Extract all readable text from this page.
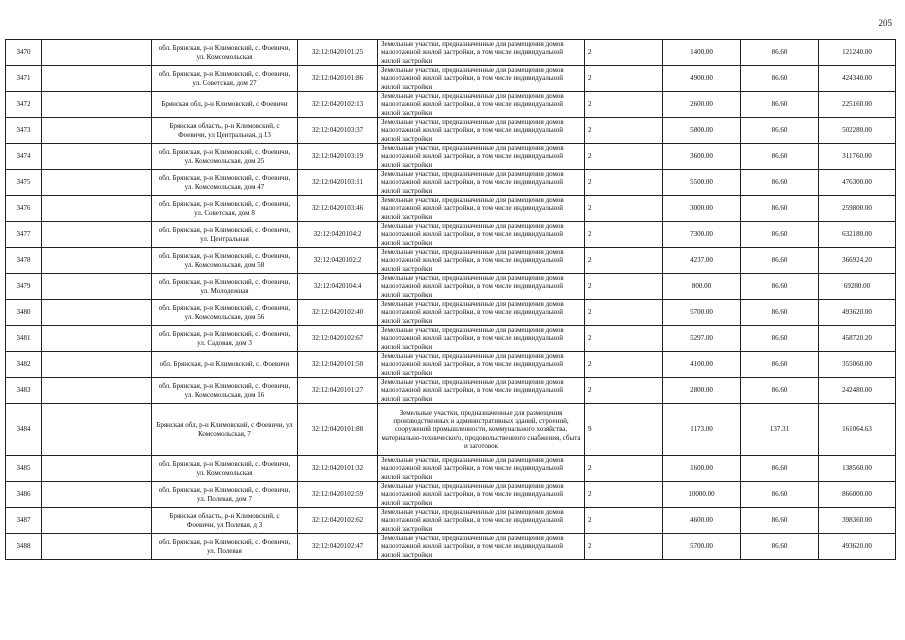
205
3470		обл. Брянская, р-н Климовский, с. Фоевичи, ул. Комсомольская	32:12:0420101:25	Земельные участки, предназначенные для размещения домов малоэтажной жилой застройки, в том числе индивидуальной жилой застройки	2	1400.00	86.60	121240.00
3471		обл. Брянская, р-н Климовский, с. Фоевичи, ул. Советская, дом 27	32:12:0420101:86	Земельные участки, предназначенные для размещения домов малоэтажной жилой застройки, в том числе индивидуальной жилой застройки	2	4900.00	86.60	424340.00
3472		Брянская обл, р-н Климовский, с Фоевичи	32:12:0420102:13	Земельные участки, предназначенные для размещения домов малоэтажной жилой застройки, в том числе индивидуальной жилой застройки	2	2600.00	86.60	225160.00
3473		Брянская область, р-н Климовский, с Фоевичи, ул Центральная, д 13	32:12:0420103:37	Земельные участки, предназначенные для размещения домов малоэтажной жилой застройки, в том числе индивидуальной жилой застройки	2	5800.00	86.60	502280.00
3474		обл. Брянская, р-н Климовский, с. Фоевичи, ул. Комсомольская, дом 25	32:12:0420103:19	Земельные участки, предназначенные для размещения домов малоэтажной жилой застройки, в том числе индивидуальной жилой застройки	2	3600.00	86.60	311760.00
3475		обл. Брянская, р-н Климовский, с. Фоевичи, ул. Комсомольская, дом 47	32:12:0420103:11	Земельные участки, предназначенные для размещения домов малоэтажной жилой застройки, в том числе индивидуальной жилой застройки	2	5500.00	86.60	476300.00
3476		обл. Брянская, р-н Климовский, с. Фоевичи, ул. Советская, дом 8	32:12:0420103:46	Земельные участки, предназначенные для размещения домов малоэтажной жилой застройки, в том числе индивидуальной жилой застройки	2	3000.00	86.60	259800.00
3477		обл. Брянская, р-н Климовский, с. Фоевичи, ул. Центральная	32:12:0420104:2	Земельные участки, предназначенные для размещения домов малоэтажной жилой застройки, в том числе индивидуальной жилой застройки	2	7300.00	86.60	632180.00
3478		обл. Брянская, р-н Климовский, с. Фоевичи, ул. Комсомольская, дом 58	32:12:0420102:2	Земельные участки, предназначенные для размещения домов малоэтажной жилой застройки, в том числе индивидуальной жилой застройки	2	4237.00	86.60	366924.20
3479		обл. Брянская, р-н Климовский, с. Фоевичи, ул. Молодежная	32:12:0420104:4	Земельные участки, предназначенные для размещения домов малоэтажной жилой застройки, в том числе индивидуальной жилой застройки	2	800.00	86.60	69280.00
3480		обл. Брянская, р-н Климовский, с. Фоевичи, ул. Комсомольская, дом 56	32:12:0420102:40	Земельные участки, предназначенные для размещения домов малоэтажной жилой застройки, в том числе индивидуальной жилой застройки	2	5700.00	86.60	493620.00
3481		обл. Брянская, р-н Климовский, с. Фоевичи, ул. Садовая, дом 3	32:12:0420102:67	Земельные участки, предназначенные для размещения домов малоэтажной жилой застройки, в том числе индивидуальной жилой застройки	2	5297.00	86.60	458720.20
3482		обл. Брянская, р-н Климовский, с. Фоевичи	32:12:0420101:50	Земельные участки, предназначенные для размещения домов малоэтажной жилой застройки, в том числе индивидуальной жилой застройки	2	4100.00	86.60	355060.00
3483		обл. Брянская, р-н Климовский, с. Фоевичи, ул. Комсомольская, дом 16	32:12:0420101:27	Земельные участки, предназначенные для размещения домов малоэтажной жилой застройки, в том числе индивидуальной жилой застройки	2	2800.00	86.60	242480.00
3484		Брянская обл, р-н Климовский, с Фоевичи, ул Комсомольская, 7	32:12:0420101:88	Земельные участки, предназначенные для размещения производственных и административных зданий, строений, сооружений промышленности, коммунального хозяйства, материально-технического, продовольственного снабжения, сбыта и заготовок	9	1173.00	137.31	161064.63
3485		обл. Брянская, р-н Климовский, с. Фоевичи, ул. Комсомольская	32:12:0420101:32	Земельные участки, предназначенные для размещения домов малоэтажной жилой застройки, в том числе индивидуальной жилой застройки	2	1600.00	86.60	138560.00
3486		обл. Брянская, р-н Климовский, с. Фоевичи, ул. Полевая, дом 7	32:12:0420102:59	Земельные участки, предназначенные для размещения домов малоэтажной жилой застройки, в том числе индивидуальной жилой застройки	2	10000.00	86.60	866000.00
3487		Брянская область, р-н Климовский, с Фоевичи, ул Полевая, д 3	32:12:0420102:62	Земельные участки, предназначенные для размещения домов малоэтажной жилой застройки, в том числе индивидуальной жилой застройки	2	4600.00	86.60	398360.00
3488		обл. Брянская, р-н Климовский, с. Фоевичи, ул. Полевая	32:12:0420102:47	Земельные участки, предназначенные для размещения домов малоэтажной жилой застройки, в том числе индивидуальной жилой застройки	2	5700.00	86.60	493620.00
